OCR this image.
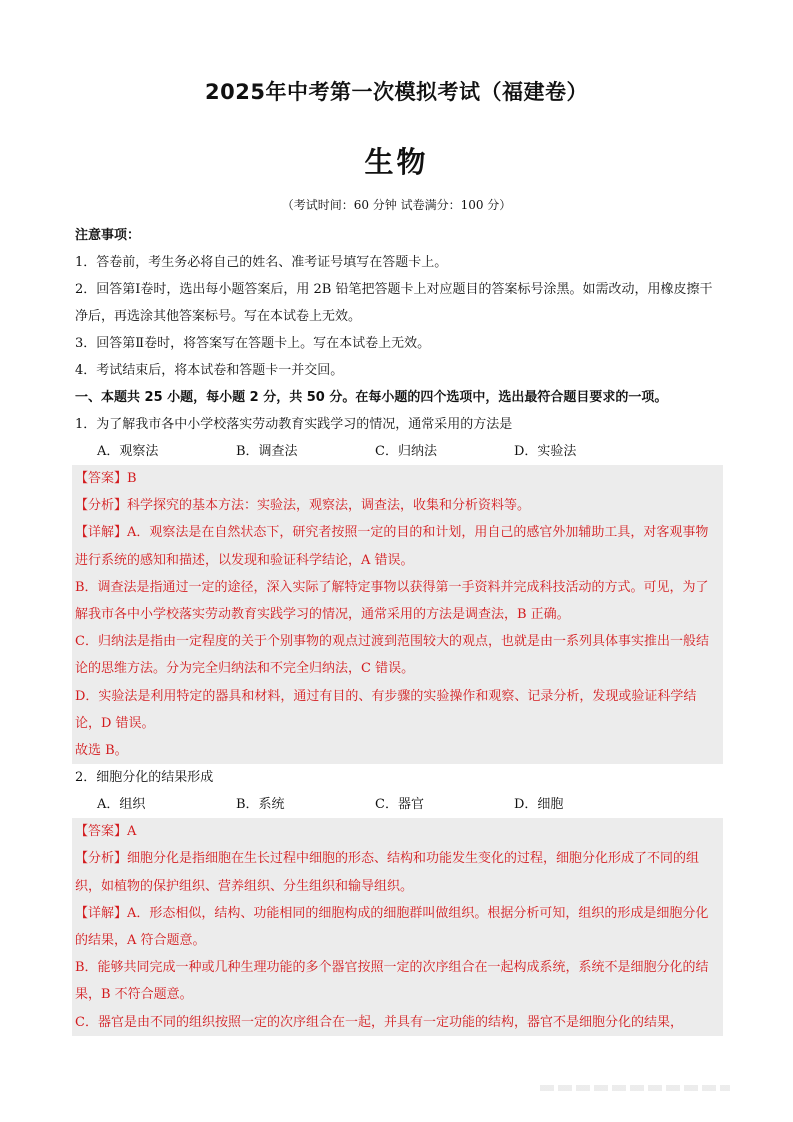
2025年中考第一次模拟考试（福建卷）
生物
（考试时间：60 分钟 试卷满分：100 分）
注意事项：
1．答卷前，考生务必将自己的姓名、准考证号填写在答题卡上。
2．回答第Ⅰ卷时，选出每小题答案后，用 2B 铅笔把答题卡上对应题目的答案标号涂黑。如需改动，用橡皮擦干净后，再选涂其他答案标号。写在本试卷上无效。
3．回答第Ⅱ卷时，将答案写在答题卡上。写在本试卷上无效。
4．考试结束后，将本试卷和答题卡一并交回。
一、本题共 25 小题，每小题 2 分，共 50 分。在每小题的四个选项中，选出最符合题目要求的一项。
1．为了解我市各中小学校落实劳动教育实践学习的情况，通常采用的方法是
A．观察法	B．调查法	C．归纳法	D．实验法
【答案】B
【分析】科学探究的基本方法：实验法，观察法，调查法，收集和分析资料等。
【详解】A．观察法是在自然状态下，研究者按照一定的目的和计划，用自己的感官外加辅助工具，对客观事物进行系统的感知和描述，以发现和验证科学结论，A 错误。
B．调查法是指通过一定的途径，深入实际了解特定事物以获得第一手资料并完成科技活动的方式。可见，为了解我市各中小学校落实劳动教育实践学习的情况，通常采用的方法是调查法，B 正确。
C．归纳法是指由一定程度的关于个别事物的观点过渡到范围较大的观点，也就是由一系列具体事实推出一般结论的思维方法。分为完全归纳法和不完全归纳法，C 错误。
D．实验法是利用特定的器具和材料，通过有目的、有步骤的实验操作和观察、记录分析，发现或验证科学结论，D 错误。
故选 B。
2．细胞分化的结果形成
A．组织	B．系统	C．器官	D．细胞
【答案】A
【分析】细胞分化是指细胞在生长过程中细胞的形态、结构和功能发生变化的过程，细胞分化形成了不同的组织，如植物的保护组织、营养组织、分生组织和输导组织。
【详解】A．形态相似，结构、功能相同的细胞构成的细胞群叫做组织。根据分析可知，组织的形成是细胞分化的结果，A 符合题意。
B．能够共同完成一种或几种生理功能的多个器官按照一定的次序组合在一起构成系统，系统不是细胞分化的结果，B 不符合题意。
C．器官是由不同的组织按照一定的次序组合在一起，并具有一定功能的结构，器官不是细胞分化的结果，
